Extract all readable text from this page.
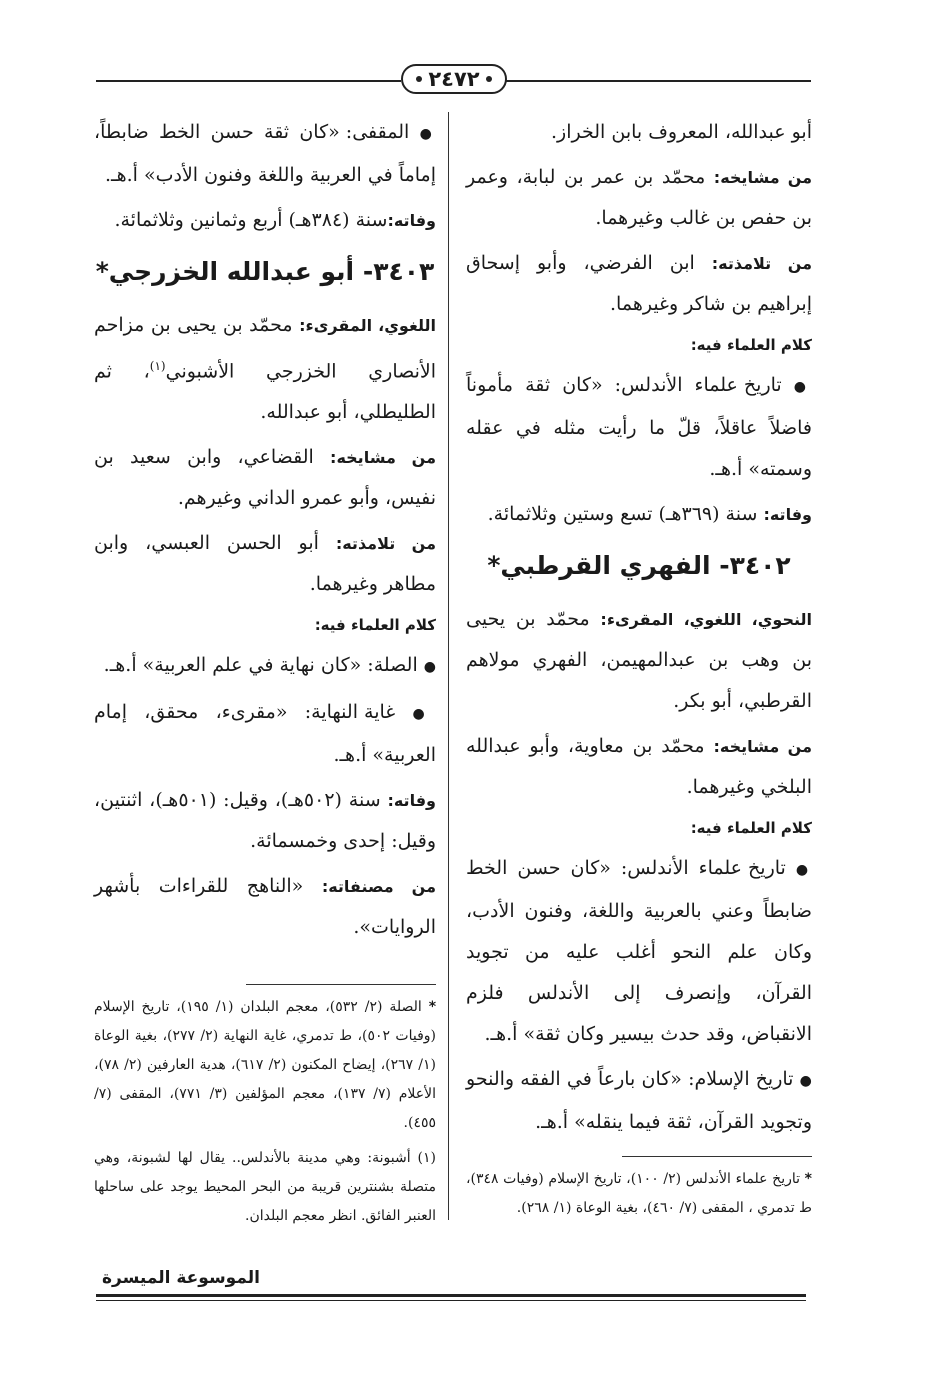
٢٤٧٢

أبو عبدالله، المعروف بابن الخراز.

من مشايخه: محمّد بن عمر بن لبابة، وعمر بن حفص بن غالب وغيرهما.

من تلامذته: ابن الفرضي، وأبو إسحاق إبراهيم بن شاكر وغيرهما.

كلام العلماء فيه:

● تاريخ علماء الأندلس: «كان ثقة مأموناً فاضلاً عاقلاً، قلّ ما رأيت مثله في عقله وسمته» أ.هـ.

وفاته: سنة (٣٦٩هـ) تسع وستين وثلاثمائة.

٣٤٠٢- الفهري القرطبي*

النحوي، اللغوي، المقرىء: محمّد بن يحيى بن وهب بن عبدالمهيمن، الفهري مولاهم القرطبي، أبو بكر.

من مشايخه: محمّد بن معاوية، وأبو عبدالله البلخي وغيرهما.

كلام العلماء فيه:

● تاريخ علماء الأندلس: «كان حسن الخط ضابطاً وعني بالعربية واللغة، وفنون الأدب، وكان علم النحو أغلب عليه من تجويد القرآن، وإنصرف إلى الأندلس فلزم الانقباض، وقد حدث بيسير وكان ثقة» أ.هـ.

● تاريخ الإسلام: «كان بارعاً في الفقه والنحو وتجويد القرآن، ثقة فيما ينقله» أ.هـ.

* تاريخ علماء الأندلس (٢/ ١٠٠)، تاريخ الإسلام (وفيات ٣٤٨)، ط تدمري ، المقفى (٧/ ٤٦٠)، بغية الوعاة (١/ ٢٦٨).

● المقفى: «كان ثقة حسن الخط ضابطاً، إماماً في العربية واللغة وفنون الأدب» أ.هـ.

وفاته:سنة (٣٨٤هـ) أربع وثمانين وثلاثمائة.

٣٤٠٣- أبو عبدالله الخزرجي*

اللغوي، المقرىء: محمّد بن يحيى بن مزاحم الأنصاري الخزرجي الأشبوني$^{(١)}$، ثم الطليطلي، أبو عبدالله.

من مشايخه: القضاعي، وابن سعيد بن نفيس، وأبو عمرو الداني وغيرهم.

من تلامذته: أبو الحسن العبسي، وابن مطاهر وغيرهما.

كلام العلماء فيه:

● الصلة: «كان نهاية في علم العربية» أ.هـ.

● غاية النهاية: «مقرىء، محقق، إمام العربية» أ.هـ.

وفاته: سنة (٥٠٢هـ)، وقيل: (٥٠١هـ)، اثنتين، وقيل: إحدى وخمسمائة.

من مصنفاته: «الناهج للقراءات بأشهر الروايات».

* الصلة (٢/ ٥٣٢)، معجم البلدان (١/ ١٩٥)، تاريخ الإسلام (وفيات ٥٠٢)، ط تدمري، غاية النهاية (٢/ ٢٧٧)، بغية الوعاة (١/ ٢٦٧)، إيضاح المكنون (٢/ ٦١٧)، هدية العارفين (٢/ ٧٨)، الأعلام (٧/ ١٣٧)، معجم المؤلفين (٣/ ٧٧١)، المقفى (٧/ ٤٥٥).

(١) أشبونة: وهي مدينة بالأندلس.. يقال لها لشبونة، وهي متصلة بشنترين قريبة من البحر المحيط يوجد على ساحلها العنبر الفائق. انظر معجم البلدان.

الموسوعة الميسرة
